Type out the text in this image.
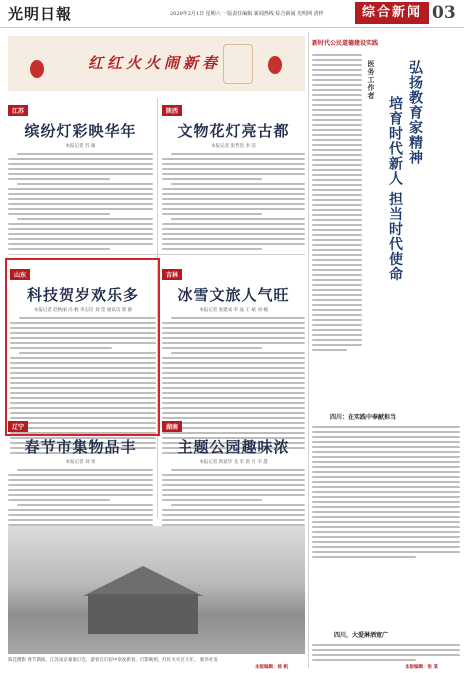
光明日報	2020年2月1日 星期六 一版责任编辑 新闻热线 综合新闻 光明网 清样	综合新闻 03
红红火火闹新春
江苏
缤纷灯彩映华年
本报记者 苏 雁
陕西
文物花灯亮古都
本报记者 张哲浩 李 洁
山东
科技贺岁欢乐多
本报记者 赵秋丽 冯 帆 李志臣 刘 莹 通讯员 郭 静
吉林
冰雪文旅人气旺
本报记者 张建成 李 晶 王 斌 刘 楠
辽宁
春节市集物品丰
本报记者 刘 勇
湖南
主题公园趣味浓
本报记者 禹爱华 龙 军 唐 月 韦 慧
陈佳摄影 春节期间，江苏南京秦淮灯会，游客在灯彩中欢度新春，灯影映照，红红火火过大年。 新华社发
新时代公民道德建设实践
医务工作者 弘扬教育家精神
培育时代新人 担当时代使命
四川：在实践中奉献担当
四川，大爱淋洒宽广
本版编辑：杨 帆	本版编辑：张 某
